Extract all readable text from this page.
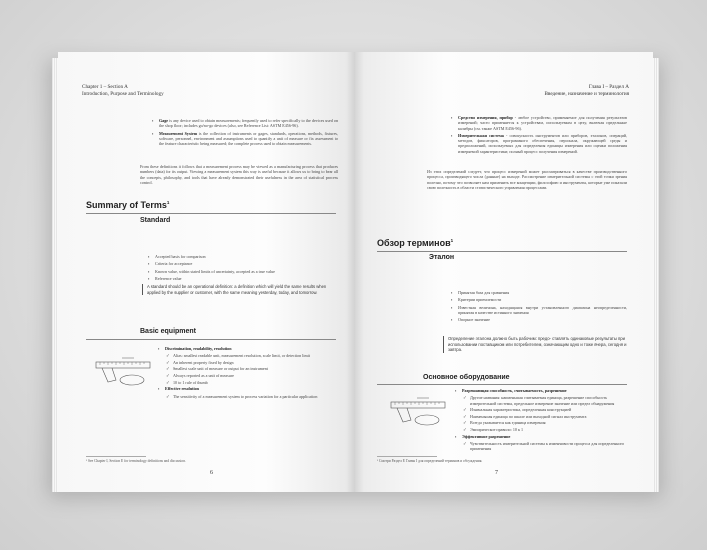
Chapter 1 – Section A
Introduction, Purpose and Terminology
▪ Gage is any device used to obtain measurements; frequently used to refer specifically to the devices used on the shop floor; includes go/no-go devices (also, see Reference List: ASTM E456-96).
▪ Measurement System is the collection of instruments or gages, standards, operations, methods, fixtures, software, personnel, environment and assumptions used to quantify a unit of measure or fix assessment to the feature characteristic being measured; the complete process used to obtain measurements.

From these definitions it follows that a measurement process may be viewed as a manufacturing process that produces numbers (data) for its output. Viewing a measurement system this way is useful because it allows us to bring to bear all the concepts, philosophy, and tools that have already demonstrated their usefulness in the area of statistical process control.

Summary of Terms$^1$
Standard
▪ Accepted basis for comparison
▪ Criteria for acceptance
▪ Known value, within stated limits of uncertainty, accepted as a true value
▪ Reference value
A standard should be an operational definition: a definition which will yield the same results when applied by the supplier or customer, with the same meaning yesterday, today, and tomorrow.
Basic equipment
▪ Discrimination, readability, resolution
✓ Alias: smallest readable unit, measurement resolution, scale limit, or detection limit
✓ An inherent property fixed by design
✓ Smallest scale unit of measure or output for an instrument
✓ Always reported as a unit of measure
✓ 10 to 1 rule of thumb
▪ Effective resolution
✓ The sensitivity of a measurement system to process variation for a particular application
¹ See Chapter I, Section E for terminology definitions and discussion.
6
Глава I – Раздел А
Введение, назначение и терминология
▪ Средство измерения, прибор - любое устройство, применяемое для получения результатов измерений; часто применяется к устройствам, используемым в цеху, включая предельные калибры (см. также ASTM E456-96).
▪ Измерительная система - совокупность инструментов или приборов, эталонов, операций, методов, фиксаторов, программного обеспечения, персонала, окружающей среды и предположений, используемых для определения единицы измерения или оценки положения измеряемой характеристики; полный процесс получения измерений.

Из этих определений следует, что процесс измерений может рассматриваться в качестве производственного процесса, производящего числа (данные) на выходе. Рассмотрение измерительной системы с этой точки зрения полезно, потому что позволяет нам применить все концепции, философию и инструменты, которые уже показали свою полезность в области статистического управления процессами.

Обзор терминов$^1$
Эталон
▪ Принятая база для сравнения
▪ Критерии приемлемости
▪ Известная величина, находящаяся внутри установленного диапазона неопределенности, принятая в качестве истинного значения
▪ Опорное значение
Определение эталона должно быть рабочим: предо- ставлять одинаковые результаты при использовании поставщиком или потребителем, означающим одно и тоже вчера, сегодня и завтра.
Основное оборудование
▪ Разрешающая способность, считываемость, разрешение
✓ Другие названия: наименьшая считываемая единица, разрешение способность измерительной системы, предельное измерение значение или предел обнаружения
✓ Изначальная характеристика, определенная конструкцией
✓ Наименьшая единица по шкале или выходной сигнал инструмента
✓ Всегда указывается как единица измерения
✓ Эмпирическое правило: 10 к 1
▪ Эффективное разрешение
✓ Чувствительность измерительной системы к изменчивости процесса для определенного применения
¹ Смотри Раздел Е Главы I для определений терминов и обсуждения.
7
